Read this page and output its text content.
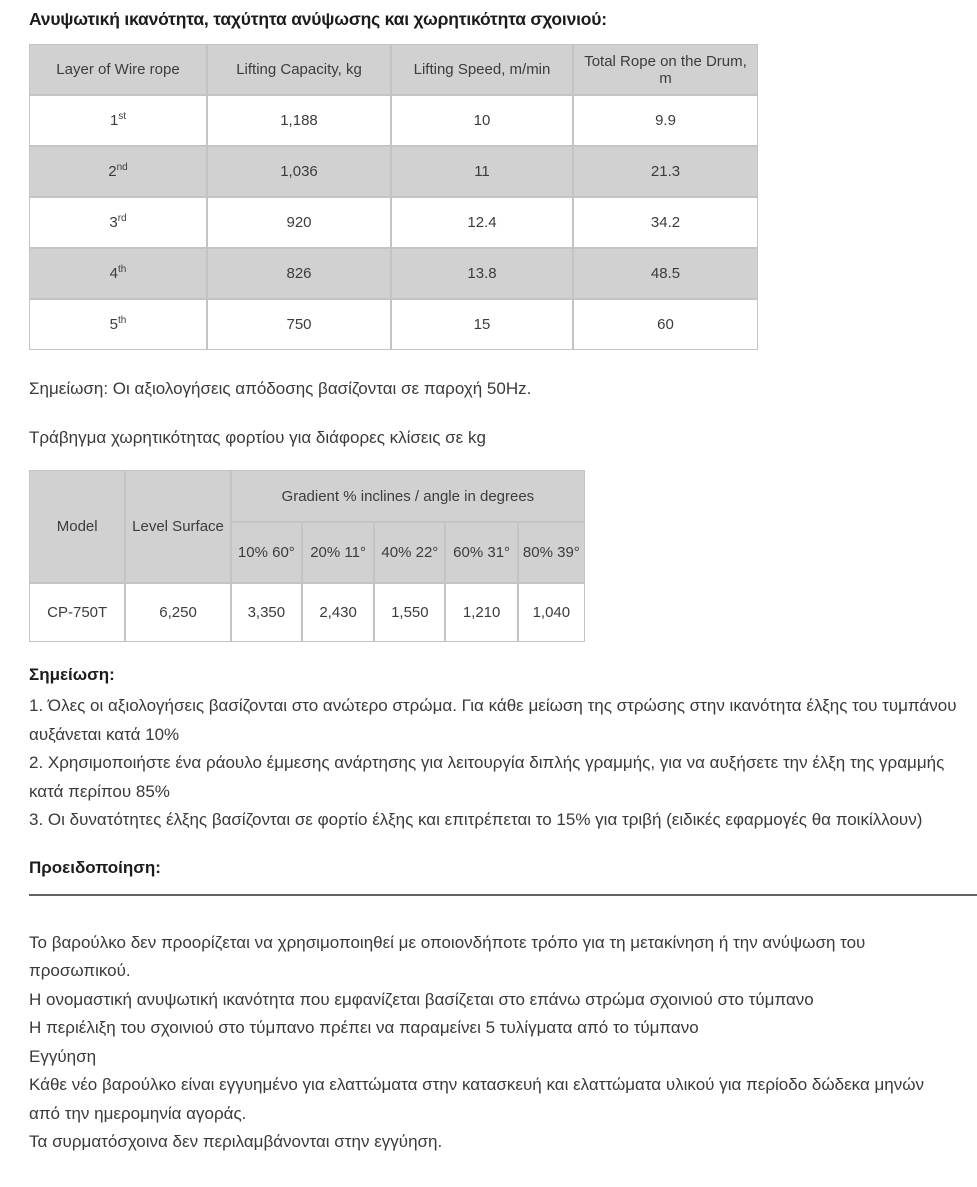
Ανυψωτική ικανότητα, ταχύτητα ανύψωσης και χωρητικότητα σχοινιού:
Layer of Wire rope	Lifting Capacity, kg	Lifting Speed, m/min	Total Rope on the Drum, m
1st	1,188	10	9.9
2nd	1,036	11	21.3
3rd	920	12.4	34.2
4th	826	13.8	48.5
5th	750	15	60

Σημείωση: Οι αξιολογήσεις απόδοσης βασίζονται σε παροχή 50Hz.

Τράβηγμα χωρητικότητας φορτίου για διάφορες κλίσεις σε kg

Model	Level Surface	Gradient % inclines / angle in degrees				
		10% 60°	20% 11°	40% 22°	60% 31°	80% 39°
CP-750T	6,250	3,350	2,430	1,550	1,210	1,040
Σημείωση:
1. Όλες οι αξιολογήσεις βασίζονται στο ανώτερο στρώμα. Για κάθε μείωση της στρώσης στην ικανότητα έλξης του τυμπάνου αυξάνεται κατά 10%
2. Χρησιμοποιήστε ένα ράουλο έμμεσης ανάρτησης για λειτουργία διπλής γραμμής, για να αυξήσετε την έλξη της γραμμής κατά περίπου 85%
3. Οι δυνατότητες έλξης βασίζονται σε φορτίο έλξης και επιτρέπεται το 15% για τριβή (ειδικές εφαρμογές θα ποικίλλουν)
Προειδοποίηση:
Το βαρούλκο δεν προορίζεται να χρησιμοποιηθεί με οποιονδήποτε τρόπο για τη μετακίνηση ή την ανύψωση του προσωπικού.
Η ονομαστική ανυψωτική ικανότητα που εμφανίζεται βασίζεται στο επάνω στρώμα σχοινιού στο τύμπανο
Η περιέλιξη του σχοινιού στο τύμπανο πρέπει να παραμείνει 5 τυλίγματα από το τύμπανο
Εγγύηση
Κάθε νέο βαρούλκο είναι εγγυημένο για ελαττώματα στην κατασκευή και ελαττώματα υλικού για περίοδο δώδεκα μηνών από την ημερομηνία αγοράς.
Τα συρματόσχοινα δεν περιλαμβάνονται στην εγγύηση.
